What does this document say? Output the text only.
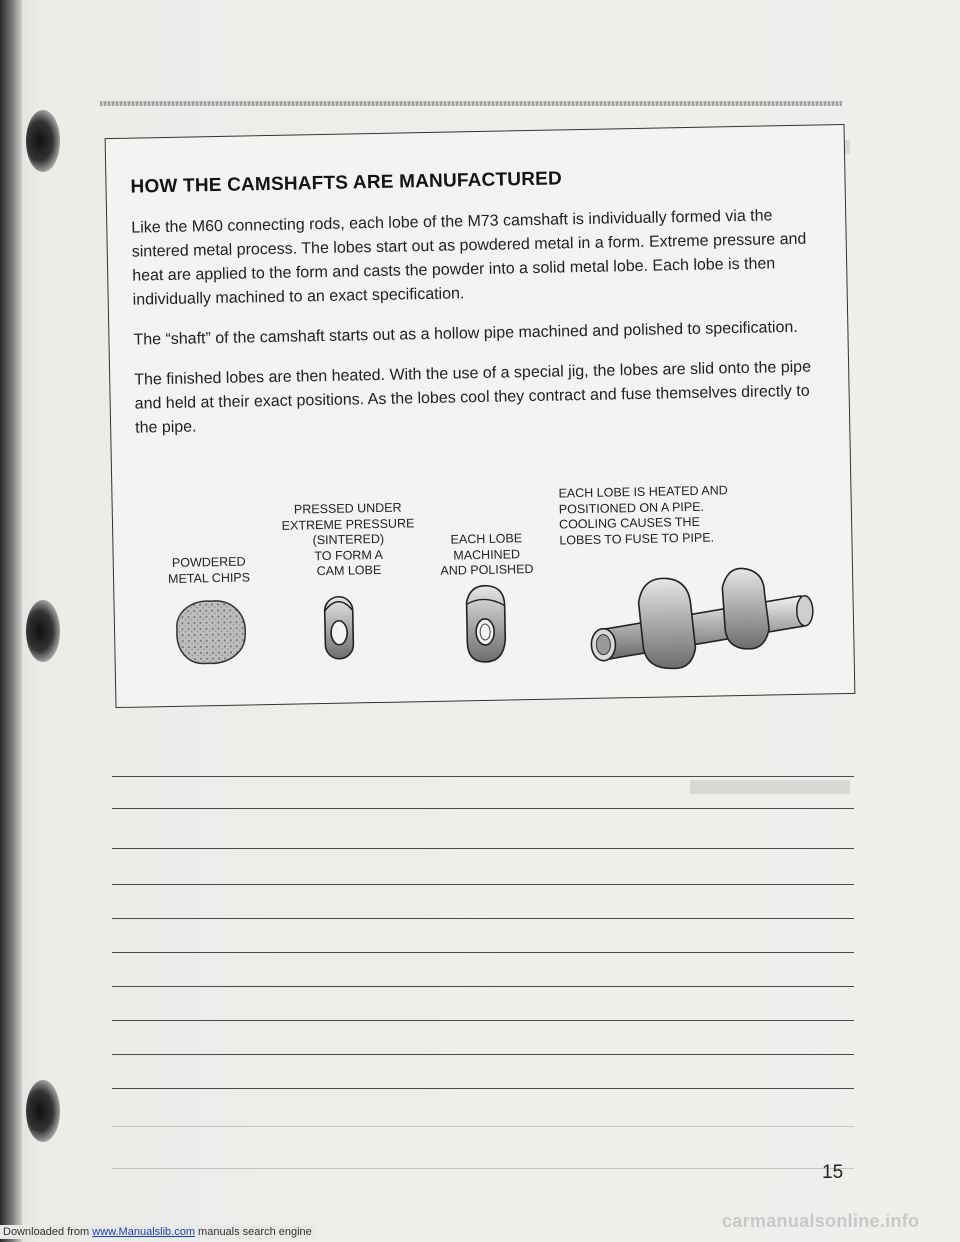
HOW THE CAMSHAFTS ARE MANUFACTURED

Like the M60 connecting rods, each lobe of the M73 camshaft is individually formed via the sintered metal process. The lobes start out as powdered metal in a form. Extreme pressure and heat are applied to the form and casts the powder into a solid metal lobe. Each lobe is then individually machined to an exact specification.

The “shaft” of the camshaft starts out as a hollow pipe machined and polished to specification.

The finished lobes are then heated. With the use of a special jig, the lobes are slid onto the pipe and held at their exact positions. As the lobes cool they contract and fuse themselves directly to the pipe.

POWDERED
METAL CHIPS
PRESSED UNDER
EXTREME PRESSURE
(SINTERED)
TO FORM A
CAM LOBE
EACH LOBE
MACHINED
AND POLISHED
EACH LOBE IS HEATED AND
POSITIONED ON A PIPE.
COOLING CAUSES THE
LOBES TO FUSE TO PIPE.
15
Downloaded from www.Manualslib.com manuals search engine
carmanualsonline.info
